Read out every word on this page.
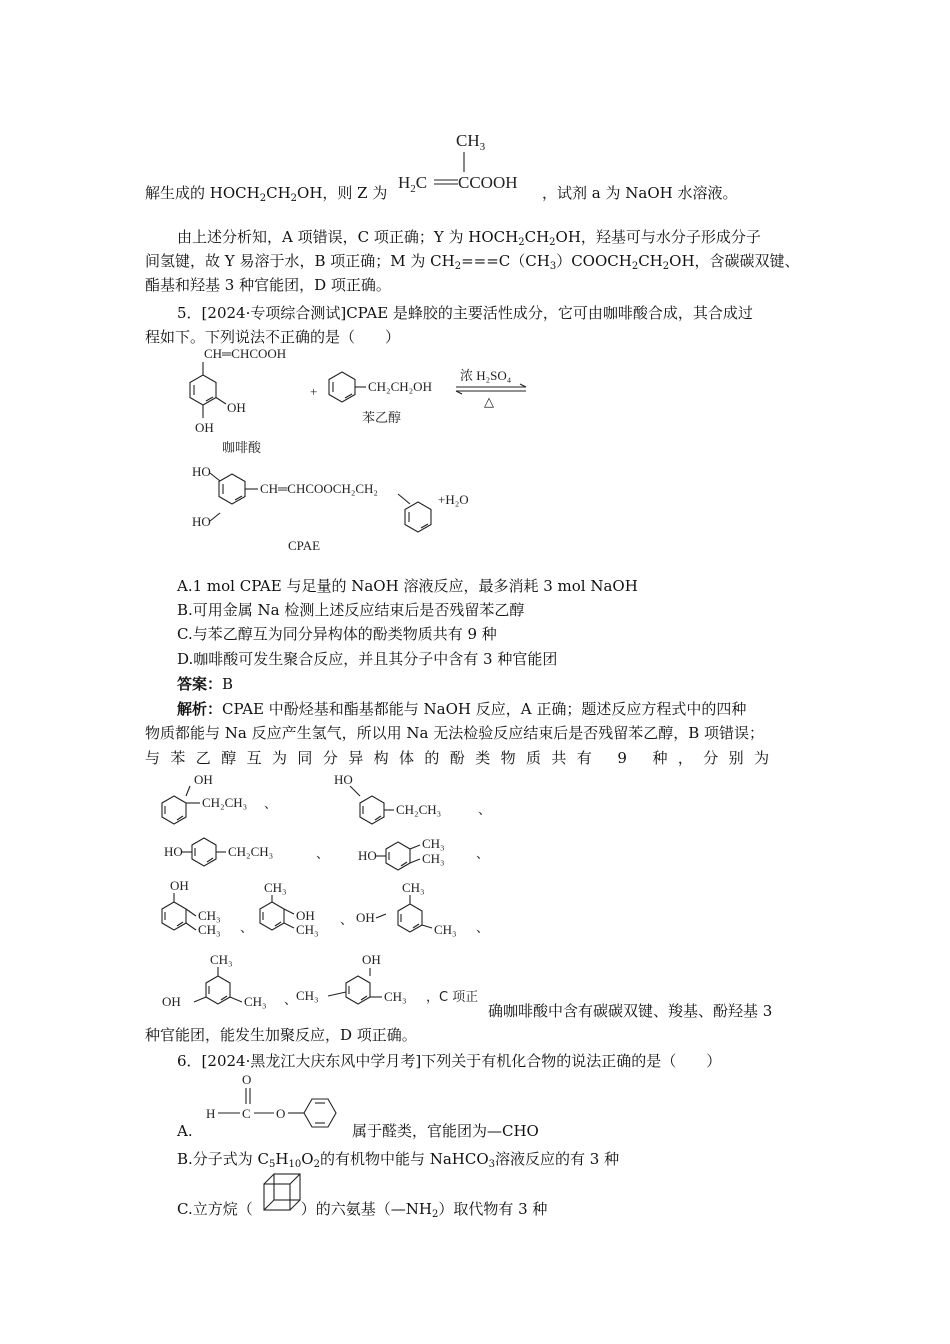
解生成的 $HOCH_2CH_2OH$，则 Z 为
$CH_3$
$H_2C$ CCOOH
，试剂 a 为 NaOH 水溶液。
由上述分析知，A 项错误，C 项正确；Y 为 $HOCH_2CH_2OH$，羟基可与水分子形成分子
间氢键，故 Y 易溶于水，B 项正确；M 为 $CH_2===C(CH_3)COOCH_2CH_2OH$，含碳碳双键、
酯基和羟基 3 种官能团，D 项正确。
5．[2024·专项综合测试]CPAE 是蜂胶的主要活性成分，它可由咖啡酸合成，其合成过
程如下。下列说法不正确的是（　　）
CH═CHCOOH
OH
OH
咖啡酸
+	CH₂CH₂OH
苯乙醇
浓 H₂SO₄
△
HO
HO
CH═CHCOOCH₂CH₂
+H₂O
CPAE
A.1 mol CPAE 与足量的 NaOH 溶液反应，最多消耗 3 mol NaOH
B.可用金属 Na 检测上述反应结束后是否残留苯乙醇
C.与苯乙醇互为同分异构体的酚类物质共有 9 种
D.咖啡酸可发生聚合反应，并且其分子中含有 3 种官能团
答案：B
解析：CPAE 中酚烃基和酯基都能与 NaOH 反应，A 正确；题述反应方程式中的四种
物质都能与 Na 反应产生氢气，所以用 Na 无法检验反应结束后是否残留苯乙醇，B 项错误；
与苯乙醇互为同分异构体的酚类物质共有 9 种，分别为
OH
CH₂CH₃ 、
HO
CH₂CH₃	、
HO	CH₂CH₃	、 HO
CH₃
CH₃ 、
OH
CH₃
CH₃ 、
CH₃
OH
CH₃
、 OH
CH₃
CH₃ 、
CH₃
OH	CH₃ 、
OH
CH₃	CH₃ ，C 项正
确咖啡酸中含有碳碳双键、羧基、酚羟基 3
种官能团，能发生加聚反应，D 项正确。
6．[2024·黑龙江大庆东风中学月考]下列关于有机化合物的说法正确的是（　　）
A.
O
H C O
属于醛类，官能团为—CHO
B.分子式为 $C_5H_{10}O_2$的有机物中能与 NaHCO$_3$溶液反应的有 3 种
C.立方烷（	）的六氨基$(—NH_2)$取代物有 3 种
